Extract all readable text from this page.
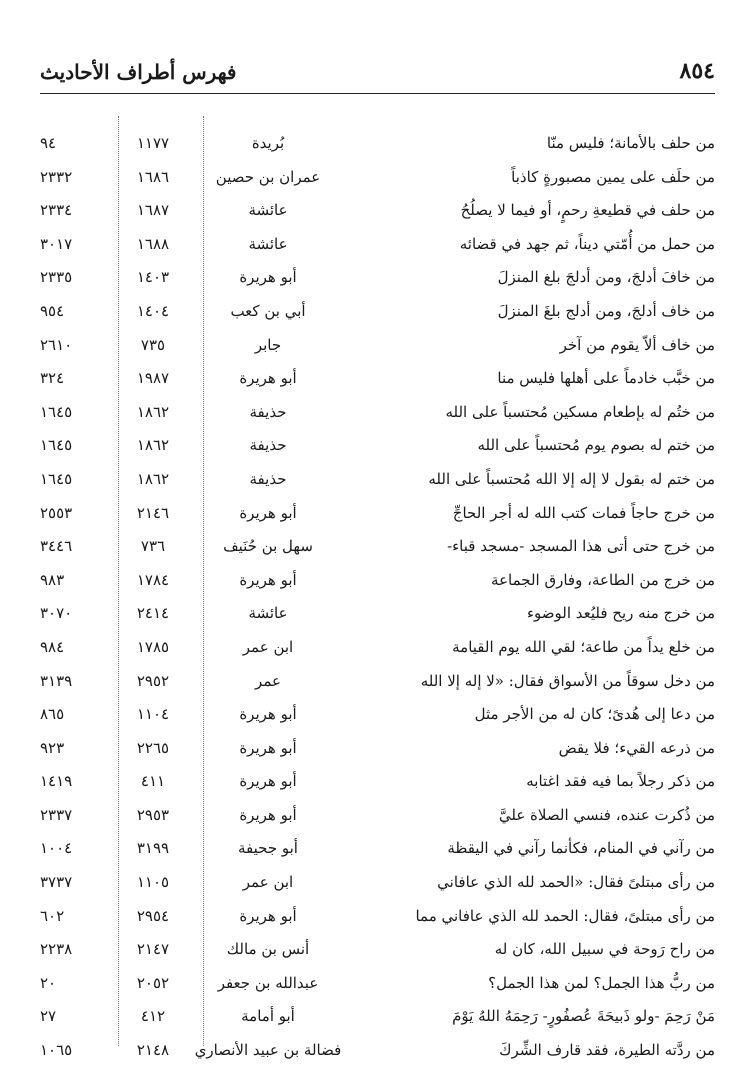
٨٥٤
فهرس أطراف الأحاديث
من حلف بالأمانة؛ فليس منّا
بُريدة
١١٧٧
٩٤
من حلَف على يمين مصبورةٍ كاذباً
عمران بن حصين
١٦٨٦
٢٣٣٢
من حلف في قطيعةِ رحمٍ، أو فيما لا يصلُحُ
عائشة
١٦٨٧
٢٣٣٤
من حمل من أُمّتي ديناً، ثم جهد في قضائه
عائشة
١٦٨٨
٣٠١٧
من خافَ أدلجَ، ومن أدلجَ بلغ المنزلَ
أبو هريرة
١٤٠٣
٢٣٣٥
من خاف أدلجَ، ومن أدلج بلغَ المنزلَ
أبي بن كعب
١٤٠٤
٩٥٤
من خاف ألاّ يقوم من آخر
جابر
٧٣٥
٢٦١٠
من خبَّب خادماً على أهلها فليس منا
أبو هريرة
١٩٨٧
٣٢٤
من ختُم له بإطعام مسكين مُحتسباً على الله
حذيفة
١٨٦٢
١٦٤٥
من ختم له بصوم يوم مُحتسباً على الله
حذيفة
١٨٦٢
١٦٤٥
من ختم له بقول لا إله إلا الله مُحتسباً على الله
حذيفة
١٨٦٢
١٦٤٥
من خرج حاجاً فمات كتب الله له أجر الحاجِّ
أبو هريرة
٢١٤٦
٢٥٥٣
من خرج حتى أتى هذا المسجد -مسجد قباء-
سهل بن حُنَيف
٧٣٦
٣٤٤٦
من خرج من الطاعة، وفارق الجماعة
أبو هريرة
١٧٨٤
٩٨٣
من خرج منه ريح فليُعد الوضوء
عائشة
٢٤١٤
٣٠٧٠
من خلع يداً من طاعة؛ لقي الله يوم القيامة
ابن عمر
١٧٨٥
٩٨٤
من دخل سوقاً من الأسواق فقال: «لا إله إلا الله
عمر
٢٩٥٢
٣١٣٩
من دعا إلى هُدىً؛ كان له من الأجر مثل
أبو هريرة
١١٠٤
٨٦٥
من ذرعه القيء؛ فلا يقض
أبو هريرة
٢٢٦٥
٩٢٣
من ذكر رجلاً بما فيه فقد اغتابه
أبو هريرة
٤١١
١٤١٩
من ذُكرت عنده، فنسي الصلاة عليَّ
أبو هريرة
٢٩٥٣
٢٣٣٧
من رآني في المنام، فكأنما رآني في اليقظة
أبو جحيفة
٣١٩٩
١٠٠٤
من رأى مبتلىً فقال: «الحمد لله الذي عافاني
ابن عمر
١١٠٥
٣٧٣٧
من رأى مبتلىً، فقال: الحمد لله الذي عافاني مما
أبو هريرة
٢٩٥٤
٦٠٢
من راح رَوحة في سبيل الله، كان له
أنس بن مالك
٢١٤٧
٢٢٣٨
من ربُّ هذا الجمل؟ لمن هذا الجمل؟
عبدالله بن جعفر
٢٠٥٢
٢٠
مَنْ رَحِمَ -ولو ذَبيحَةَ عُصفُورٍ- رَحِمَهُ اللهُ يَوْمَ
أبو أمامة
٤١٢
٢٧
من ردَّته الطيرة، فقد قارف الشِّركَ
فضالة بن عبيد الأنصاري
٢١٤٨
١٠٦٥
